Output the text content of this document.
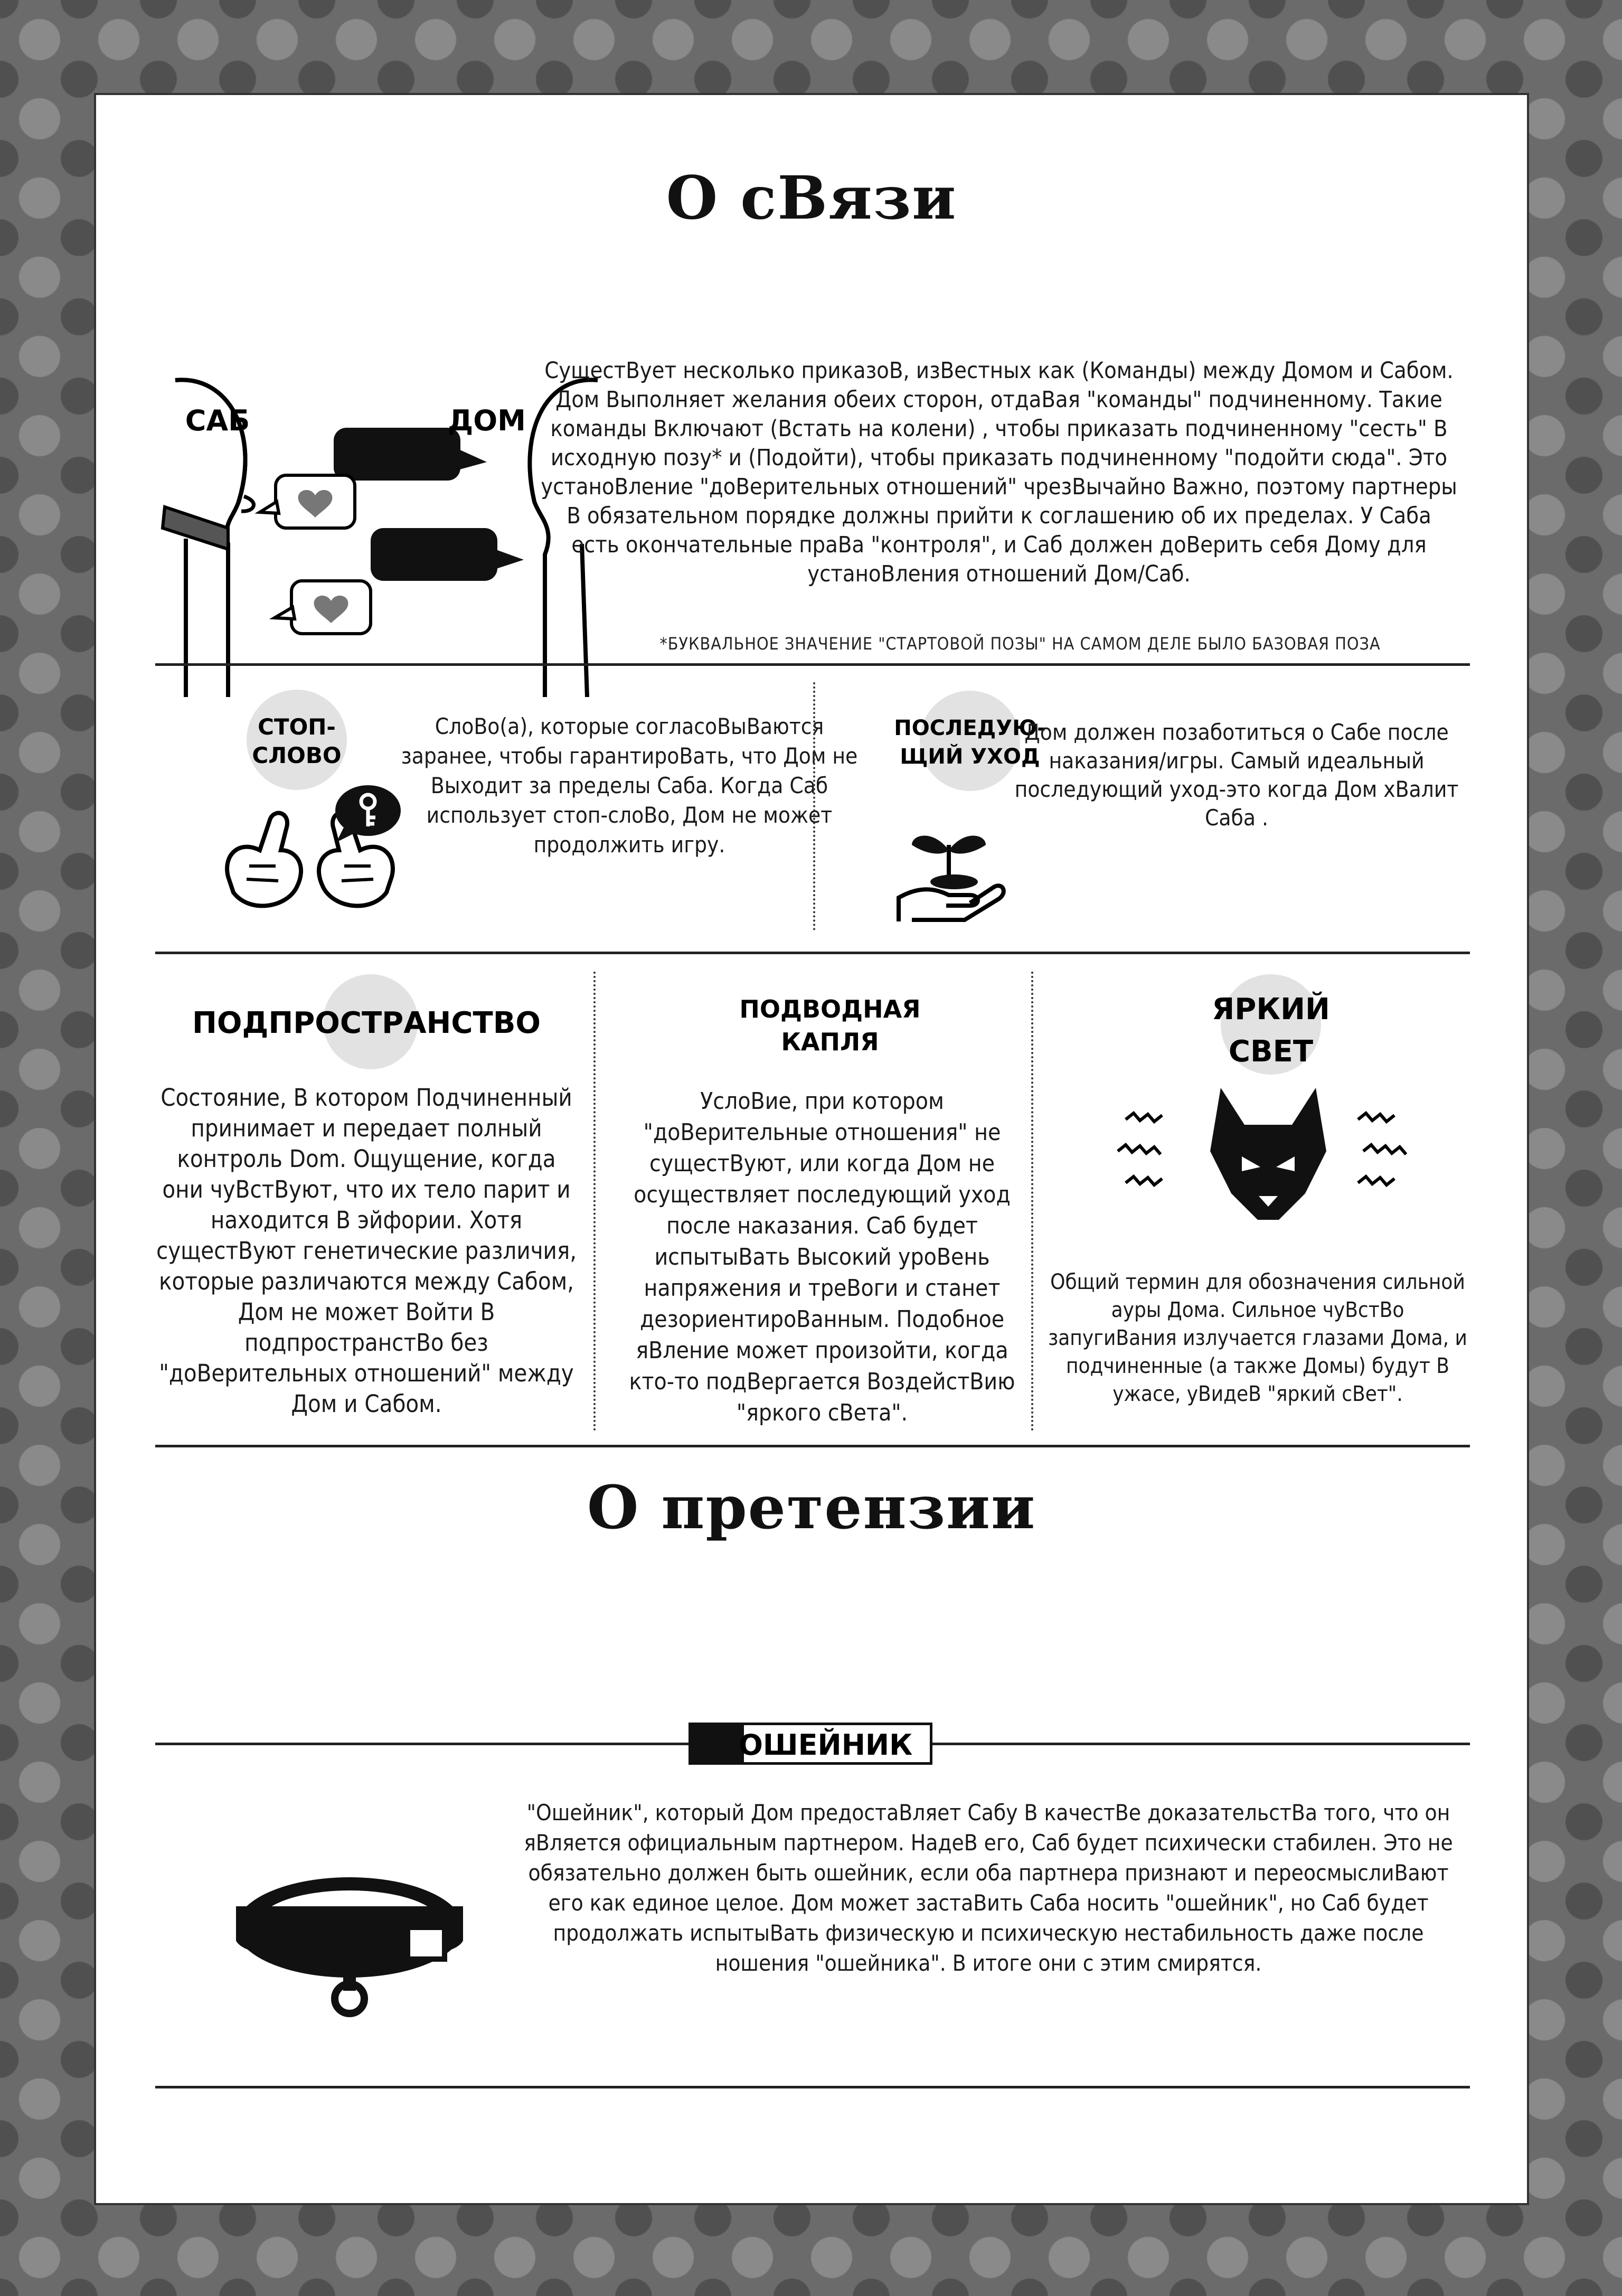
О сВязи
САБ	ДОМ
СущестВует несколько приказоВ, изВестных как (Команды) между Домом и Сабом. Дом Выполняет желания обеих сторон, отдаВая "команды" подчиненному. Такие команды Включают (Встать на колени) , чтобы приказать подчиненному "сесть" В исходную позу* и (Подойти), чтобы приказать подчиненному "подойти сюда". Это устаноВление "доВерительных отношений" чрезВычайно Важно, поэтому партнеры В обязательном порядке должны прийти к соглашению об их пределах. У Саба есть окончательные праВа "контроля", и Саб должен доВерить себя Дому для устаноВления отношений Дом/Саб.
*БУКВАЛЬНОЕ ЗНАЧЕНИЕ "СТАРТОВОЙ ПОЗЫ" НА САМОМ ДЕЛЕ БЫЛО БАЗОВАЯ ПОЗА
СТОП-
СЛОВО
СлоВо(а), которые согласоВыВаются заранее, чтобы гарантироВать, что Дом не Выходит за пределы Саба. Когда Саб использует стоп-слоВо, Дом не может продолжить игру.
ПОСЛЕДУЮ-
ЩИЙ УХОД
Дом должен позаботиться о Сабе после наказания/игры. Самый идеальный последующий уход-это когда Дом хВалит Саба .
ПОДПРОСТРАНСТВО
Состояние, В котором Подчиненный принимает и передает полный контроль Dom. Ощущение, когда они чуВстВуют, что их тело парит и находится В эйфории. Хотя сущестВуют генетические различия, которые различаются между Сабом, Дом не может Войти В подпространстВо без "доВерительных отношений" между Дом и Сабом.
ПОДВОДНАЯ
КАПЛЯ
УслоВие, при котором "доВерительные отношения" не сущестВуют, или когда Дом не осуществляет последующий уход после наказания. Саб будет испытыВать Высокий уроВень напряжения и треВоги и станет дезориентироВанным. Подобное яВление может произойти, когда кто-то подВергается ВоздейстВию "яркого сВета".
ЯРКИЙ
СВЕТ
Общий термин для обозначения сильной ауры Дома. Сильное чуВстВо запугиВания излучается глазами Дома, и подчиненные (а также Домы) будут В ужасе, уВидеВ "яркий сВет".
О претензии
ОШЕЙНИК
"Ошейник", который Дом предостаВляет Сабу В качестВе доказательстВа того, что он яВляется официальным партнером. НадеВ его, Саб будет психически стабилен. Это не обязательно должен быть ошейник, если оба партнера признают и переосмыслиВают его как единое целое. Дом может застаВить Саба носить "ошейник", но Саб будет продолжать испытыВать физическую и психическую нестабильность даже после ношения "ошейника". В итоге они с этим смирятся.
